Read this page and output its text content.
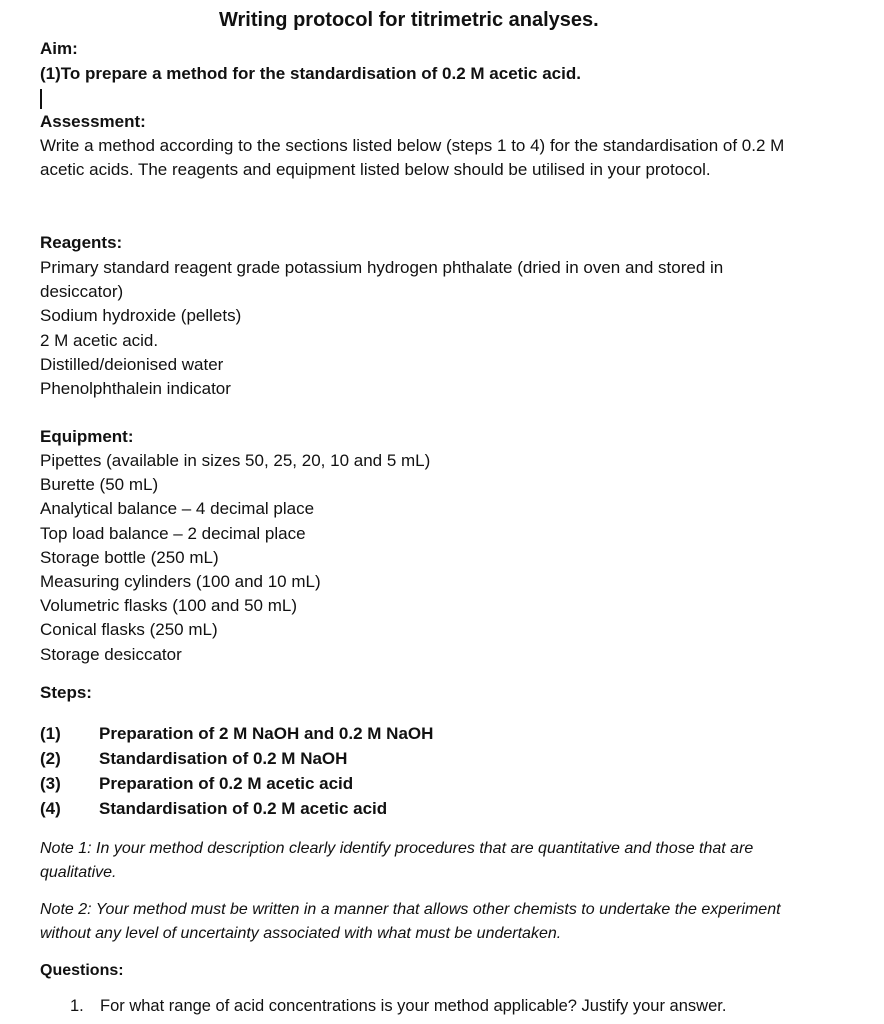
Writing protocol for titrimetric analyses.
Aim:
(1)To prepare a method for the standardisation of 0.2 M acetic acid.
Assessment:
Write a method according to the sections listed below (steps 1 to 4) for the standardisation of 0.2 M acetic acids. The reagents and equipment listed below should be utilised in your protocol.
Reagents:
Primary standard reagent grade potassium hydrogen phthalate (dried in oven and stored in
desiccator)
Sodium hydroxide (pellets)
2 M acetic acid.
Distilled/deionised water
Phenolphthalein indicator
Equipment:
Pipettes (available in sizes 50, 25, 20, 10 and 5 mL)
Burette (50 mL)
Analytical balance – 4 decimal place
Top load balance – 2 decimal place
Storage bottle (250 mL)
Measuring cylinders (100 and 10 mL)
Volumetric flasks (100 and 50 mL)
Conical flasks (250 mL)
Storage desiccator
Steps:
(1) Preparation of 2 M NaOH and 0.2 M NaOH
(2) Standardisation of 0.2 M NaOH
(3) Preparation of 0.2 M acetic acid
(4) Standardisation of 0.2 M acetic acid
Note 1: In your method description clearly identify procedures that are quantitative and those that are qualitative.
Note 2: Your method must be written in a manner that allows other chemists to undertake the experiment without any level of uncertainty associated with what must be undertaken.
Questions:
1. For what range of acid concentrations is your method applicable? Justify your answer.
